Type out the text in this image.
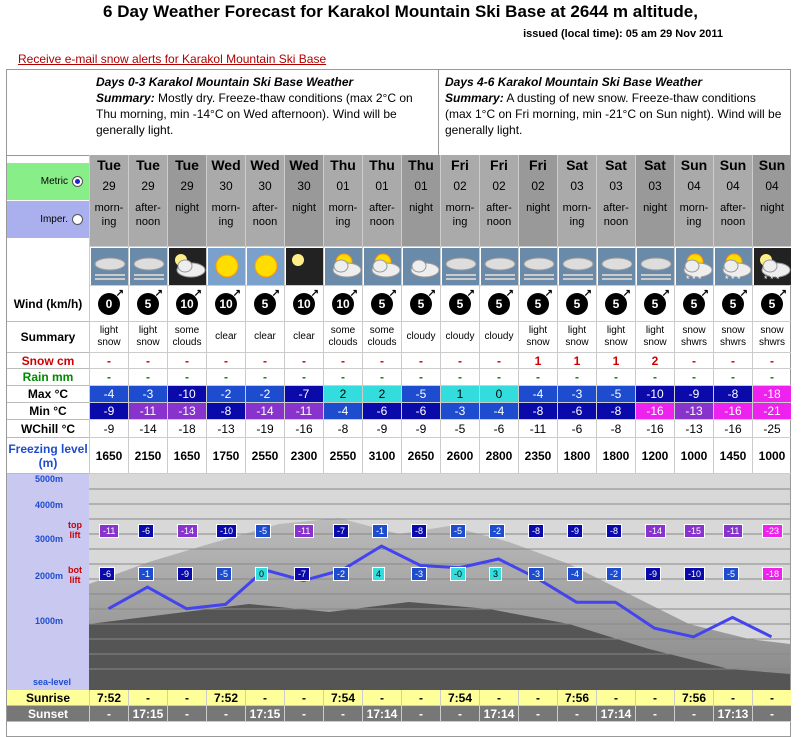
6 Day Weather Forecast for Karakol Mountain Ski Base at 2644 m altitude,
issued (local time): 05 am 29 Nov 2011
Receive e-mail snow alerts for Karakol Mountain Ski Base
Days 0-3 Karakol Mountain Ski Base Weather
Summary: Mostly dry. Freeze-thaw conditions (max 2°C on Thu morning, min -14°C on Wed afternoon). Wind will be generally light.
Days 4-6 Karakol Mountain Ski Base Weather
Summary: A dusting of new snow. Freeze-thaw conditions (max 1°C on Fri morning, min -21°C on Sun night). Wind will be generally light.
Metric
Imper.
Wind (km/h)
Summary
Snow cm
Rain mm
Max °C
Min °C
WChill °C
Freezing level (m)
5000m
4000m
3000m
2000m
1000m
sea-level
top lift
bot lift
Sunrise
Sunset
Tue
29
morn-ing
0
↗
light snow
-
-
-4
-9
-9
1650
7:52
-
-11
-6
Tue
29
after-noon
5
↗
light snow
-
-
-3
-11
-14
2150
-
17:15
-6
-1
Tue
29
night
10
↗
some clouds
-
-
-10
-13
-18
1650
-
-
-14
-9
Wed
30
morn-ing
10
↗
clear
-
-
-2
-8
-13
1750
7:52
-
-10
-5
Wed
30
after-noon
5
↗
clear
-
-
-2
-14
-19
2550
-
17:15
-5
0
Wed
30
night
10
↗
clear
-
-
-7
-11
-16
2300
-
-
-11
-7
Thu
01
morn-ing
10
↗
some clouds
-
-
2
-4
-8
2550
7:54
-
-7
-2
Thu
01
after-noon
5
↗
some clouds
-
-
2
-6
-9
3100
-
17:14
-1
4
Thu
01
night
5
↗
cloudy
-
-
-5
-6
-9
2650
-
-
-8
-3
Fri
02
morn-ing
5
↗
cloudy
-
-
1
-3
-5
2600
7:54
-
-5
-0
Fri
02
after-noon
5
↗
cloudy
-
-
0
-4
-6
2800
-
17:14
-2
3
Fri
02
night
5
↗
light snow
1
-
-4
-8
-11
2350
-
-
-8
-3
Sat
03
morn-ing
5
↗
light snow
1
-
-3
-6
-6
1800
7:56
-
-9
-4
Sat
03
after-noon
5
↗
light snow
1
-
-5
-8
-8
1800
-
17:14
-8
-2
Sat
03
night
5
↗
light snow
2
-
-10
-16
-16
1200
-
-
-14
-9
Sun
04
morn-ing
* * *
5
↗
snow shwrs
-
-
-9
-13
-13
1000
7:56
-
-15
-10
Sun
04
after-noon
* * *
5
↗
snow shwrs
-
-
-8
-16
-16
1450
-
17:13
-11
-5
Sun
04
night
* * *
5
↗
snow shwrs
-
-
-18
-21
-25
1000
-
-
-23
-18
